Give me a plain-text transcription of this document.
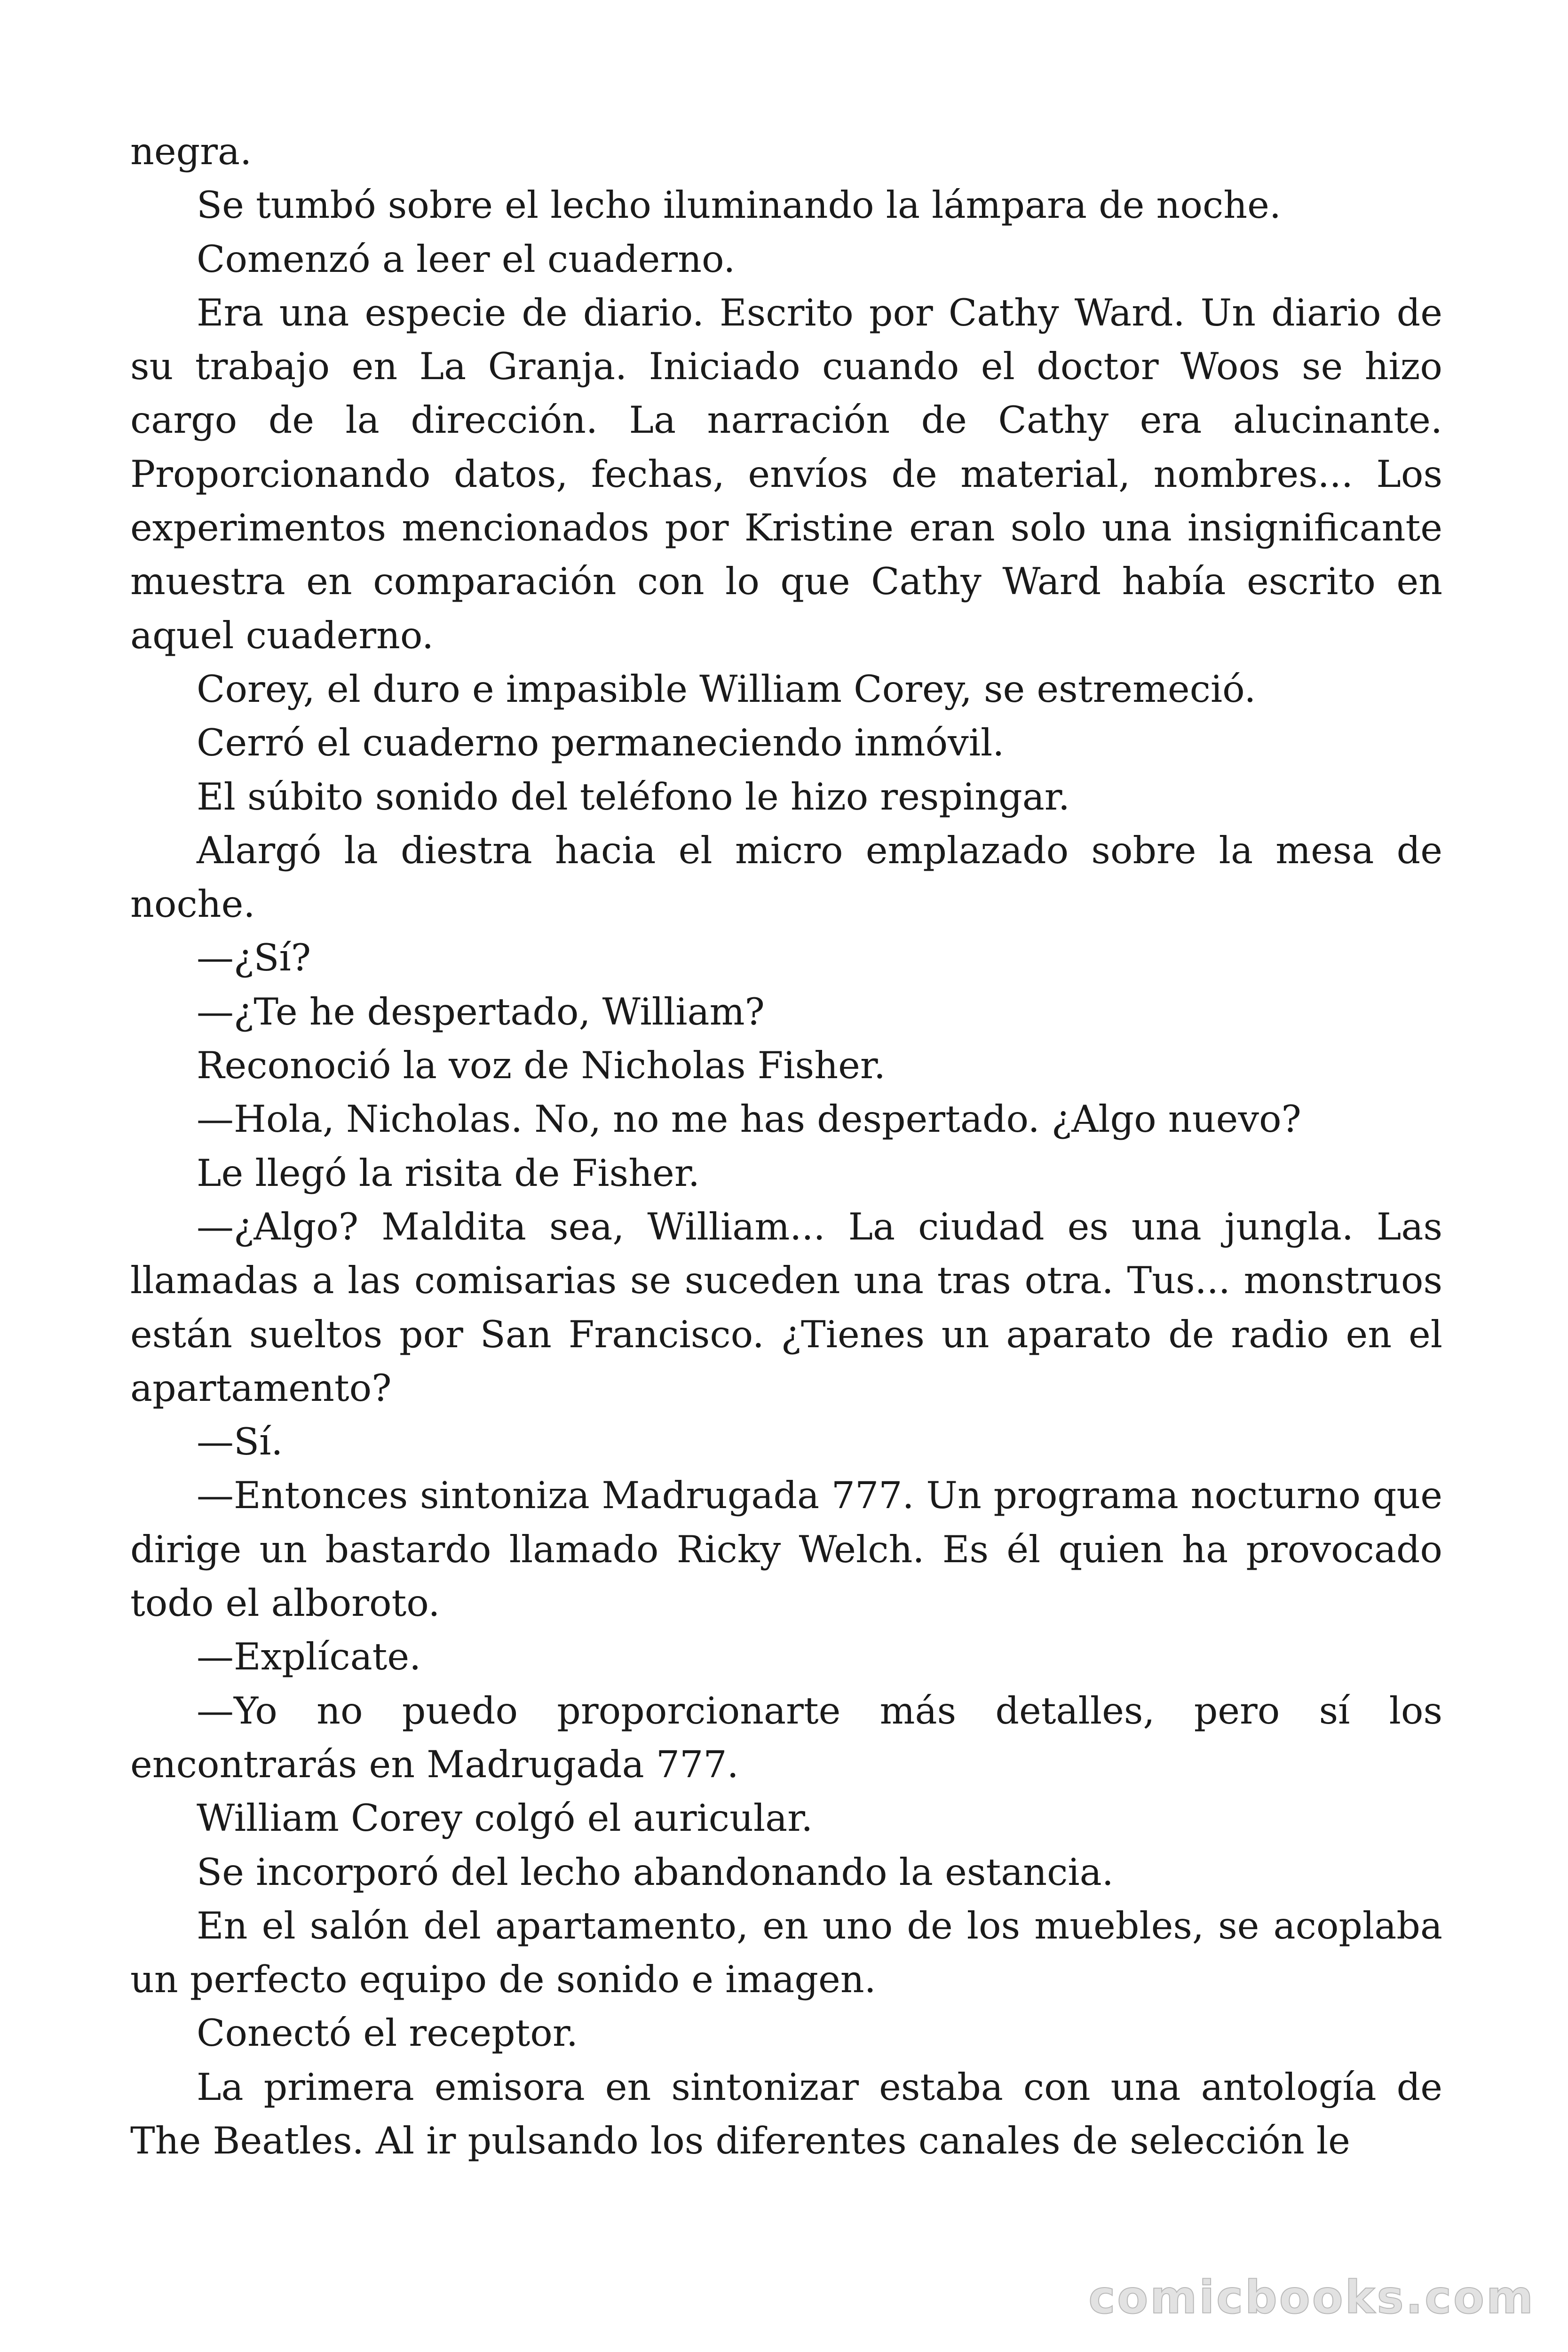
negra.

Se tumbó sobre el lecho iluminando la lámpara de noche.

Comenzó a leer el cuaderno.

Era una especie de diario. Escrito por Cathy Ward. Un diario de su trabajo en La Granja. Iniciado cuando el doctor Woos se hizo cargo de la dirección. La narración de Cathy era alucinante. Proporcionando datos, fechas, envíos de material, nombres... Los experimentos mencionados por Kristine eran solo una insignificante muestra en comparación con lo que Cathy Ward había escrito en aquel cuaderno.

Corey, el duro e impasible William Corey, se estremeció.

Cerró el cuaderno permaneciendo inmóvil.

El súbito sonido del teléfono le hizo respingar.

Alargó la diestra hacia el micro emplazado sobre la mesa de noche.

—¿Sí?

—¿Te he despertado, William?

Reconoció la voz de Nicholas Fisher.

—Hola, Nicholas. No, no me has despertado. ¿Algo nuevo?

Le llegó la risita de Fisher.

—¿Algo? Maldita sea, William... La ciudad es una jungla. Las llamadas a las comisarias se suceden una tras otra. Tus... monstruos están sueltos por San Francisco. ¿Tienes un aparato de radio en el apartamento?

—Sí.

—Entonces sintoniza Madrugada 777. Un programa nocturno que dirige un bastardo llamado Ricky Welch. Es él quien ha provocado todo el alboroto.

—Explícate.

—Yo no puedo proporcionarte más detalles, pero sí los encontrarás en Madrugada 777.

William Corey colgó el auricular.

Se incorporó del lecho abandonando la estancia.

En el salón del apartamento, en uno de los muebles, se acoplaba un perfecto equipo de sonido e imagen.

Conectó el receptor.

La primera emisora en sintonizar estaba con una antología de The Beatles. Al ir pulsando los diferentes canales de selección le

comicbooks.com
